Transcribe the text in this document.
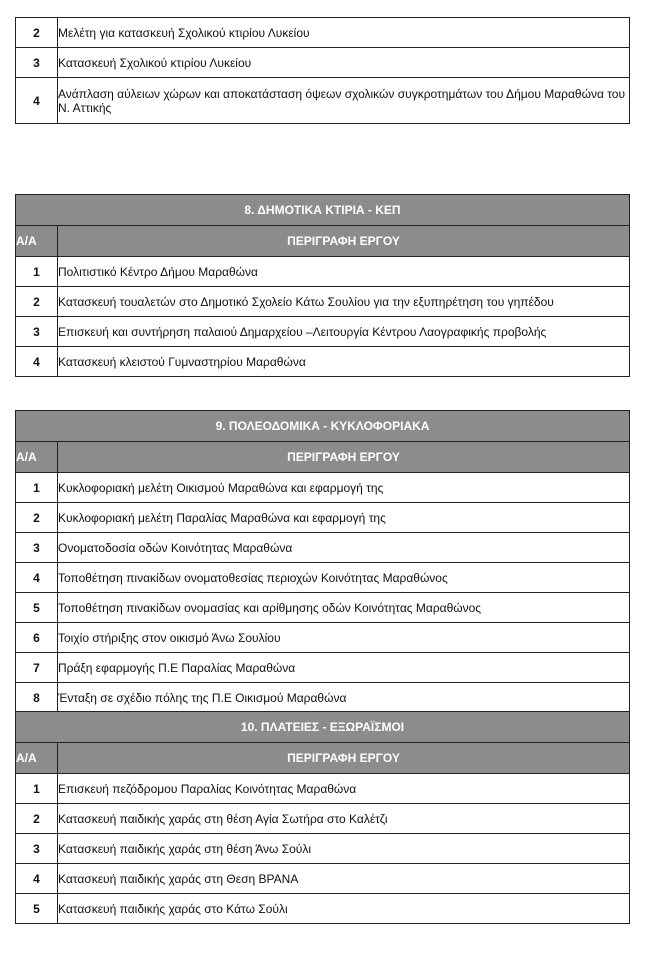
2	Μελέτη για κατασκευή Σχολικού κτιρίου Λυκείου
3	Κατασκευή Σχολικού κτιρίου Λυκείου
4	Ανάπλαση αύλειων χώρων και αποκατάσταση όψεων σχολικών συγκροτημάτων του Δήμου Μαραθώνα του Ν. Αττικής
8. ΔΗΜΟΤΙΚΑ ΚΤΙΡΙΑ - ΚΕΠ	
Α/Α	ΠΕΡΙΓΡΑΦΗ ΕΡΓΟΥ
1	Πολιτιστικό Κέντρο Δήμου Μαραθώνα
2	Κατασκευή τουαλετών στο Δημοτικό Σχολείο Κάτω Σουλίου για την εξυπηρέτηση του γηπέδου
3	Επισκευή και συντήρηση παλαιού Δημαρχείου –Λειτουργία Κέντρου Λαογραφικής προβολής
4	Κατασκευή κλειστού Γυμναστηρίου Μαραθώνα
9. ΠΟΛΕΟΔΟΜΙΚΑ - ΚΥΚΛΟΦΟΡΙΑΚΑ	
Α/Α	ΠΕΡΙΓΡΑΦΗ ΕΡΓΟΥ
1	Κυκλοφοριακή μελέτη Οικισμού Μαραθώνα και εφαρμογή της
2	Κυκλοφοριακή μελέτη Παραλίας Μαραθώνα και εφαρμογή της
3	Ονοματοδοσία οδών Κοινότητας Μαραθώνα
4	Τοποθέτηση πινακίδων ονοματοθεσίας περιοχών Κοινότητας Μαραθώνος
5	Τοποθέτηση πινακίδων ονομασίας και αρίθμησης οδών Κοινότητας Μαραθώνος
6	Τοιχίο στήριξης στον οικισμό Άνω Σουλίου
7	Πράξη εφαρμογής Π.Ε Παραλίας Μαραθώνα
8	Ένταξη σε σχέδιο πόλης της Π.Ε Οικισμού Μαραθώνα
10. ΠΛΑΤΕΙΕΣ - ΕΞΩΡΑΪΣΜΟΙ	
Α/Α	ΠΕΡΙΓΡΑΦΗ ΕΡΓΟΥ
1	Επισκευή πεζόδρομου Παραλίας Κοινότητας Μαραθώνα
2	Κατασκευή παιδικής χαράς στη θέση Αγία Σωτήρα στο Καλέτζι
3	Κατασκευή παιδικής χαράς στη θέση Άνω Σούλι
4	Κατασκευή παιδικής χαράς στη Θεση ΒΡΑΝΑ
5	Κατασκευή παιδικής χαράς στο Κάτω Σούλι
